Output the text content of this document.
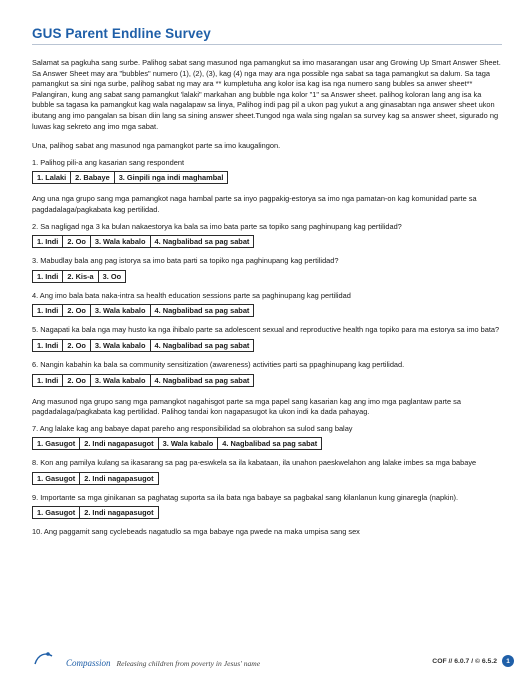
GUS Parent Endline Survey

Salamat sa pagkuha sang surbe. Palihog sabat sang masunod nga pamangkut sa imo masarangan usar ang Growing Up Smart Answer Sheet. Sa Answer Sheet may ara "bubbles" numero (1), (2), (3), kag (4) nga may ara nga possible nga sabat sa taga pamangkut sa dalum. Sa taga pamangkut sa sini nga surbe, palihog sabat ng may ara ** kumpletuha ang kolor isa kag isa nga numero sang bubles sa anwer sheet** Palangiran, kung ang sabat sang pamangkut 'lalaki" markahan ang bubble nga kolor "1" sa Answer sheet. palihog koloran lang ang isa ka bubble sa tagasa ka pamangkut kag wala nagalapaw sa linya, Palihog indi pag pil a ukon pag yukut a ang ginasabtan nga answer sheet ukon ibutang ang imo pangalan sa bisan diin lang sa sining answer sheet.Tungod nga wala sing ngalan sa survey kag sa answer sheet, sigurado ng luwas kag sekreto ang imo mga sabat.

Una, palihog sabat ang masunod nga pamangkot parte sa imo kaugalingon.

1. Palihog pili-a ang kasarian sang respondent

1. Lalaki	2. Babaye	3. Ginpili nga indi maghambal

Ang una nga grupo sang mga pamangkot naga hambal parte sa inyo pagpakig-estorya sa imo nga pamatan-on kag komunidad parte sa pagdadalaga/pagkabata kag pertilidad.

2. Sa nagligad nga 3 ka bulan nakaestorya ka bala sa imo bata parte sa topiko sang paghinupang kag pertilidad?

1. Indi	2. Oo	3. Wala kabalo	4. Nagbalibad sa pag sabat

3. Mabudlay bala ang pag istorya sa imo bata parti sa topiko nga paghinupang kag pertilidad?

1. Indi	2. Kis-a	3. Oo

4. Ang imo bala bata naka-intra sa health education sessions parte sa paghinupang kag pertilidad

1. Indi	2. Oo	3. Wala kabalo	4. Nagbalibad sa pag sabat

5. Nagapati ka bala nga may husto ka nga ihibalo parte sa adolescent sexual and reproductive health nga topiko para ma estorya sa imo bata?

1. Indi	2. Oo	3. Wala kabalo	4. Nagbalibad sa pag sabat

6. Nangin kabahin ka bala sa community sensitization (awareness) activities parti sa ppaghinupang kag pertilidad.

1. Indi	2. Oo	3. Wala kabalo	4. Nagbalibad sa pag sabat

Ang masunod nga grupo sang mga pamangkot nagahisgot parte sa mga papel sang kasarian kag ang imo mga paglantaw parte sa pagdadalaga/pagkabata kag pertilidad. Palihog tandai kon nagapasugot ka ukon indi ka dada pahayag.

7. Ang lalake kag ang babaye dapat pareho ang responsibilidad sa olobrahon sa sulod sang balay

1. Gasugot	2. Indi nagapasugot	3. Wala kabalo	4. Nagbalibad sa pag sabat

8. Kon ang pamilya kulang sa ikasarang sa pag pa-eswkela sa ila kabataan, ila unahon paeskwelahon ang lalake imbes sa mga babaye

1. Gasugot	2. Indi nagapasugot

9. Importante sa mga ginikanan sa paghatag suporta sa ila bata nga babaye sa pagbakal sang kilanlanun kung ginaregla (napkin).

1. Gasugot	2. Indi nagapasugot

10. Ang paggamit sang cyclebeads nagatudlo sa mga babaye nga pwede na maka umpisa sang sex

Compassion Releasing children from poverty in Jesus' name	COF // 6.0.7 / © 6.5.2	1
